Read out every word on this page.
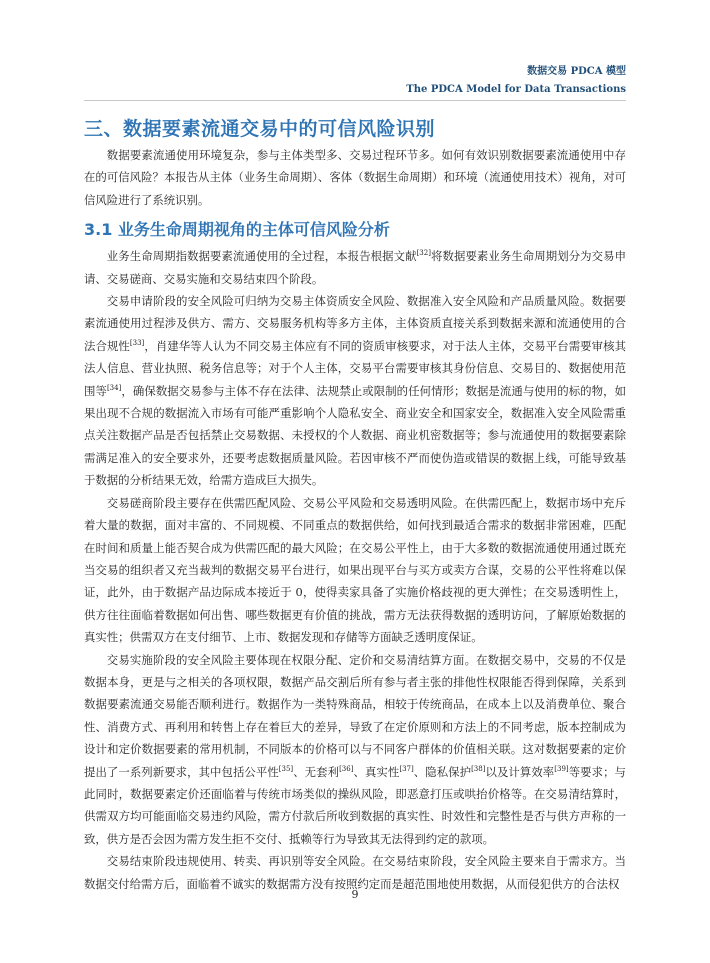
数据交易 PDCA 模型
The PDCA Model for Data Transactions
三、数据要素流通交易中的可信风险识别

数据要素流通使用环境复杂，参与主体类型多、交易过程环节多。如何有效识别数据要素流通使用中存在的可信风险？本报告从主体（业务生命周期）、客体（数据生命周期）和环境（流通使用技术）视角，对可信风险进行了系统识别。

3.1 业务生命周期视角的主体可信风险分析

业务生命周期指数据要素流通使用的全过程，本报告根据文献[32]将数据要素业务生命周期划分为交易申请、交易磋商、交易实施和交易结束四个阶段。

交易申请阶段的安全风险可归纳为交易主体资质安全风险、数据准入安全风险和产品质量风险。数据要素流通使用过程涉及供方、需方、交易服务机构等多方主体，主体资质直接关系到数据来源和流通使用的合法合规性[33]，肖建华等人认为不同交易主体应有不同的资质审核要求，对于法人主体，交易平台需要审核其法人信息、营业执照、税务信息等；对于个人主体，交易平台需要审核其身份信息、交易目的、数据使用范围等[34]，确保数据交易参与主体不存在法律、法规禁止或限制的任何情形；数据是流通与使用的标的物，如果出现不合规的数据流入市场有可能严重影响个人隐私安全、商业安全和国家安全，数据准入安全风险需重点关注数据产品是否包括禁止交易数据、未授权的个人数据、商业机密数据等；参与流通使用的数据要素除需满足准入的安全要求外，还要考虑数据质量风险。若因审核不严而使伪造或错误的数据上线，可能导致基于数据的分析结果无效，给需方造成巨大损失。

交易磋商阶段主要存在供需匹配风险、交易公平风险和交易透明风险。在供需匹配上，数据市场中充斥着大量的数据，面对丰富的、不同规模、不同重点的数据供给，如何找到最适合需求的数据非常困难，匹配在时间和质量上能否契合成为供需匹配的最大风险；在交易公平性上，由于大多数的数据流通使用通过既充当交易的组织者又充当裁判的数据交易平台进行，如果出现平台与买方或卖方合谋，交易的公平性将难以保证，此外，由于数据产品边际成本接近于 0，使得卖家具备了实施价格歧视的更大弹性；在交易透明性上，供方往往面临着数据如何出售、哪些数据更有价值的挑战，需方无法获得数据的透明访问，了解原始数据的真实性；供需双方在支付细节、上市、数据发现和存储等方面缺乏透明度保证。

交易实施阶段的安全风险主要体现在权限分配、定价和交易清结算方面。在数据交易中，交易的不仅是数据本身，更是与之相关的各项权限，数据产品交割后所有参与者主张的排他性权限能否得到保障，关系到数据要素流通交易能否顺利进行。数据作为一类特殊商品，相较于传统商品，在成本上以及消费单位、聚合性、消费方式、再利用和转售上存在着巨大的差异，导致了在定价原则和方法上的不同考虑，版本控制成为设计和定价数据要素的常用机制，不同版本的价格可以与不同客户群体的价值相关联。这对数据要素的定价提出了一系列新要求，其中包括公平性[35]、无套利[36]、真实性[37]、隐私保护[38]以及计算效率[39]等要求；与此同时，数据要素定价还面临着与传统市场类似的操纵风险，即恶意打压或哄抬价格等。在交易清结算时，供需双方均可能面临交易违约风险，需方付款后所收到数据的真实性、时效性和完整性是否与供方声称的一致，供方是否会因为需方发生拒不交付、抵赖等行为导致其无法得到约定的款项。

交易结束阶段违规使用、转卖、再识别等安全风险。在交易结束阶段，安全风险主要来自于需求方。当数据交付给需方后，面临着不诚实的数据需方没有按照约定而是超范围地使用数据，从而侵犯供方的合法权

9
